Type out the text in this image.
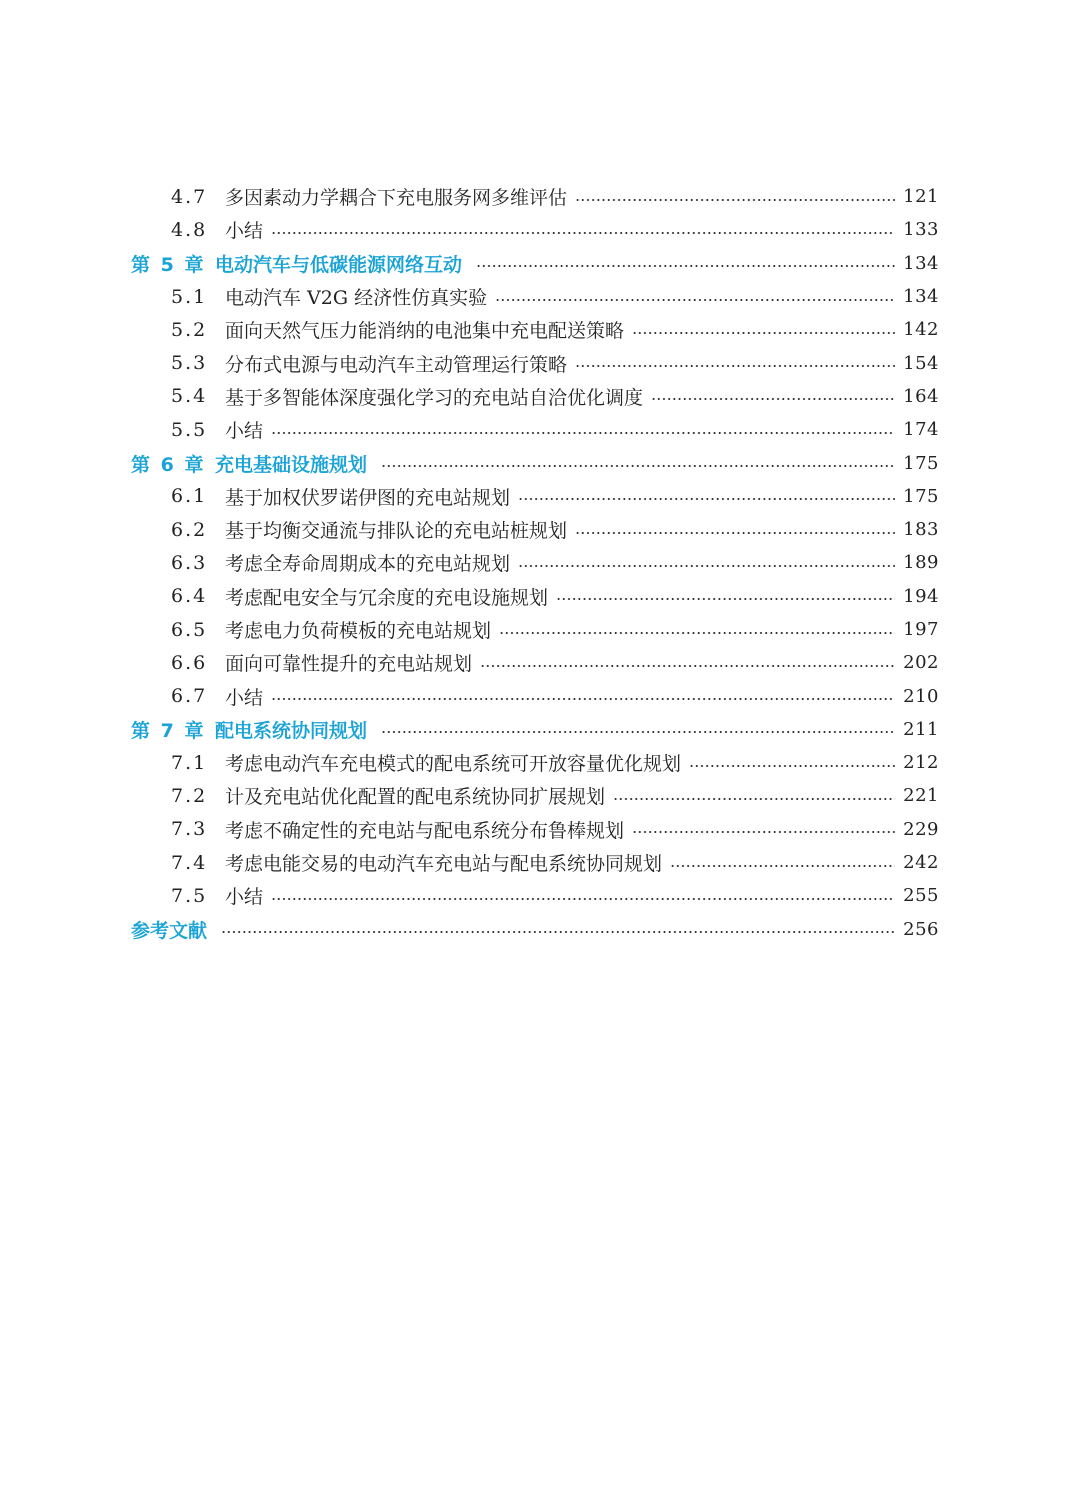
4.7 多因素动力学耦合下充电服务网多维评估	121
4.8 小结	133
第 5 章 电动汽车与低碳能源网络互动	134
5.1 电动汽车 V2G 经济性仿真实验	134
5.2 面向天然气压力能消纳的电池集中充电配送策略	142
5.3 分布式电源与电动汽车主动管理运行策略	154
5.4 基于多智能体深度强化学习的充电站自洽优化调度	164
5.5 小结	174
第 6 章 充电基础设施规划	175
6.1 基于加权伏罗诺伊图的充电站规划	175
6.2 基于均衡交通流与排队论的充电站桩规划	183
6.3 考虑全寿命周期成本的充电站规划	189
6.4 考虑配电安全与冗余度的充电设施规划	194
6.5 考虑电力负荷模板的充电站规划	197
6.6 面向可靠性提升的充电站规划	202
6.7 小结	210
第 7 章 配电系统协同规划	211
7.1 考虑电动汽车充电模式的配电系统可开放容量优化规划	212
7.2 计及充电站优化配置的配电系统协同扩展规划	221
7.3 考虑不确定性的充电站与配电系统分布鲁棒规划	229
7.4 考虑电能交易的电动汽车充电站与配电系统协同规划	242
7.5 小结	255
参考文献	256
